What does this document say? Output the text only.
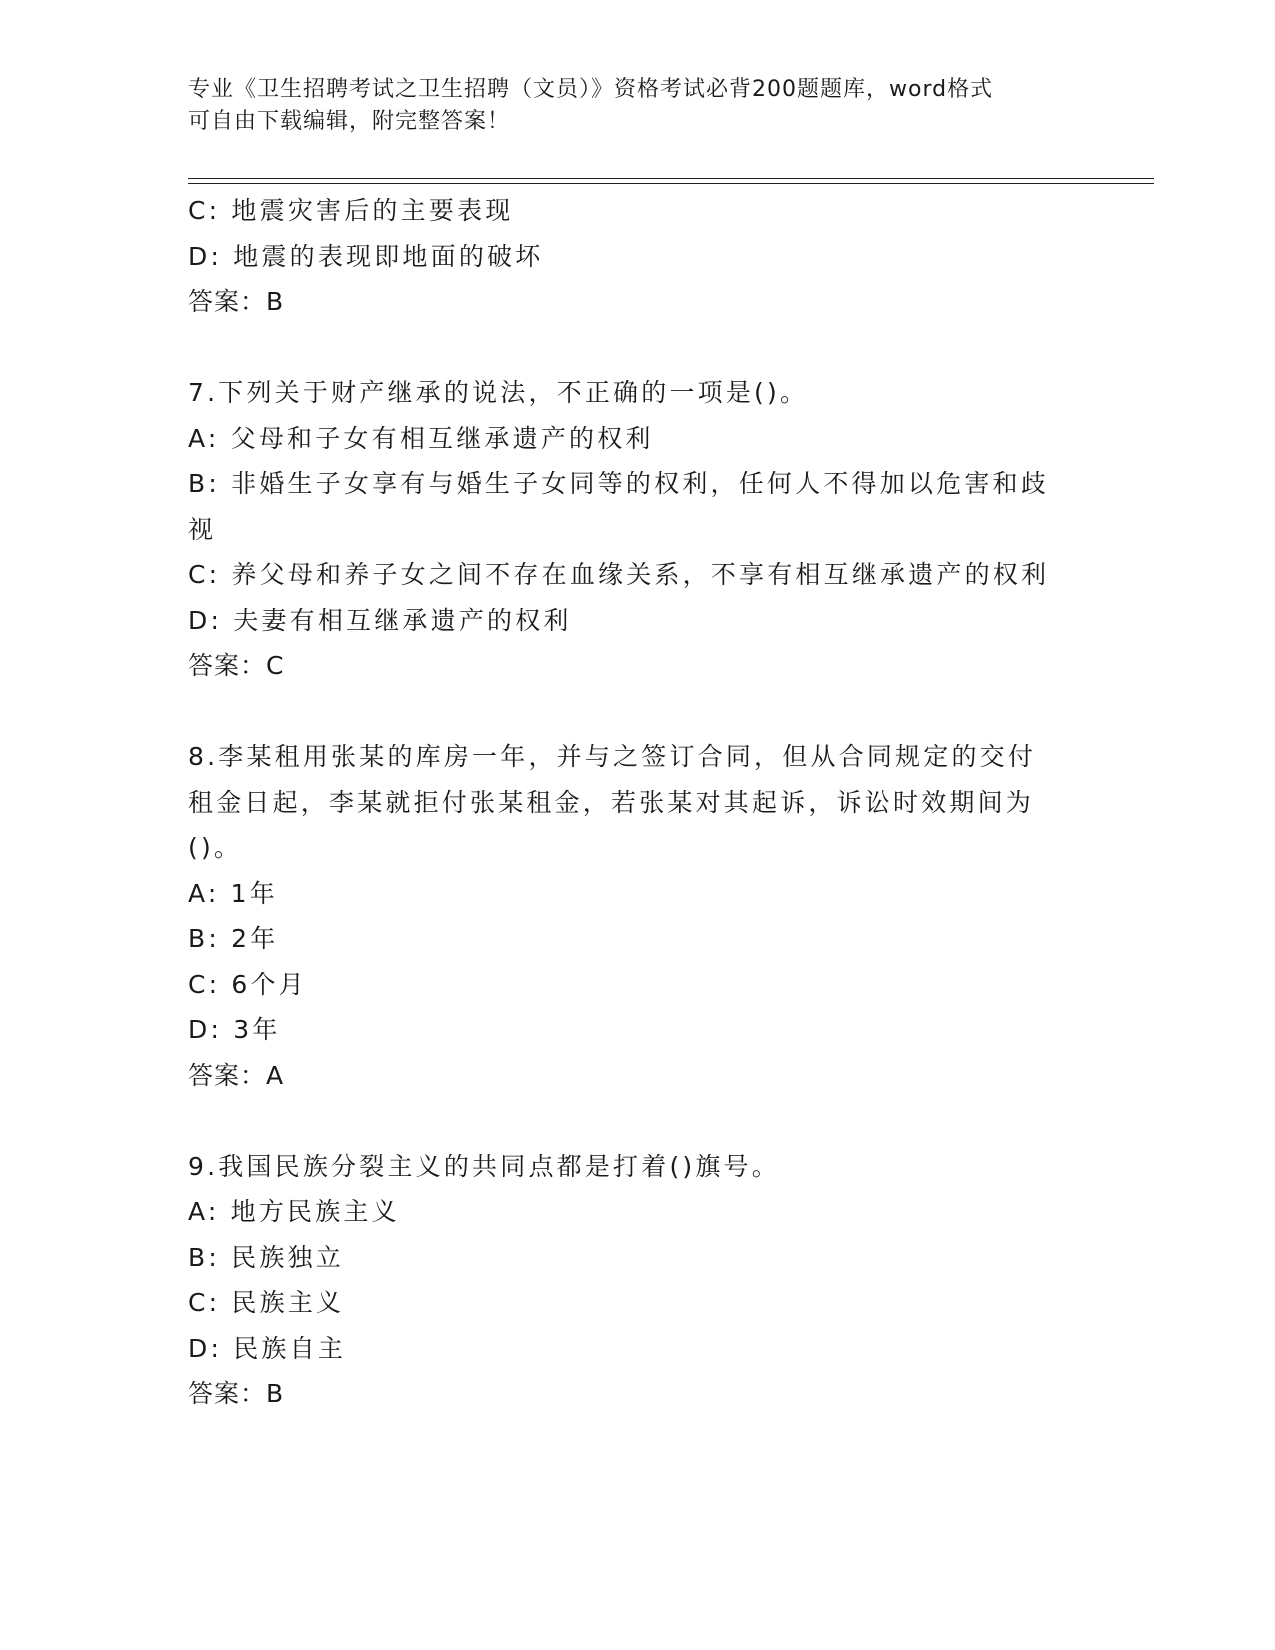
专业《卫生招聘考试之卫生招聘（文员）》资格考试必背200题题库，word格式
可自由下载编辑，附完整答案！
C: 地震灾害后的主要表现
D: 地震的表现即地面的破坏
答案：B
7.下列关于财产继承的说法，不正确的一项是()。
A: 父母和子女有相互继承遗产的权利
B: 非婚生子女享有与婚生子女同等的权利，任何人不得加以危害和歧
视
C: 养父母和养子女之间不存在血缘关系，不享有相互继承遗产的权利
D: 夫妻有相互继承遗产的权利
答案：C
8.李某租用张某的库房一年，并与之签订合同，但从合同规定的交付
租金日起，李某就拒付张某租金，若张某对其起诉，诉讼时效期间为
()。
A: 1年
B: 2年
C: 6个月
D: 3年
答案：A
9.我国民族分裂主义的共同点都是打着()旗号。
A: 地方民族主义
B: 民族独立
C: 民族主义
D: 民族自主
答案：B
